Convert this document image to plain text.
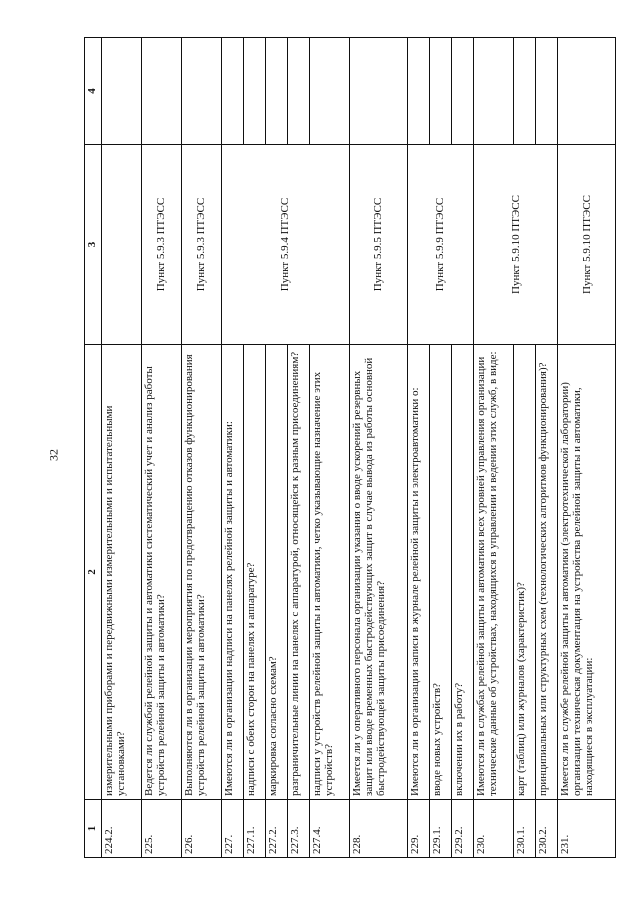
32
1	2	3	4
224.2.	измерительными приборами и передвижными измерительными и испытательными установками?		
225.	Ведется ли службой релейной защиты и автоматики систематический учет и анализ работы устройств релейной защиты и автоматики?	Пункт 5.9.3 ПТЭСС	
226.	Выполняются ли в организации мероприятия по предотвращению отказов функционирования устройств релейной защиты и автоматики?	Пункт 5.9.3 ПТЭСС	
227.	Имеются ли в организации надписи на панелях релейной защиты и автоматики:	Пункт 5.9.4 ПТЭСС	
227.1.	надписи с обеих сторон на панелях и аппаратуре?		
227.2.	маркировка согласно схемам?		
227.3.	разграничительные линии на панелях с аппаратурой, относящейся к разным присоединениям?		
227.4.	надписи у устройств релейной защиты и автоматики, четко указывающие назначение этих устройств?		
228.	Имеется ли у оперативного персонала организации указания о вводе ускорений резервных защит или вводе временных быстродействующих защит в случае вывода из работы основной быстродействующей защиты присоединения?	Пункт 5.9.5 ПТЭСС	
229.	Имеются ли в организации записи в журнале релейной защиты и электроавтоматики о:	Пункт 5.9.9 ПТЭСС	
229.1.	вводе новых устройств?		
229.2.	включении их в работу?		
230.	Имеются ли в службах релейной защиты и автоматики всех уровней управления организации технические данные об устройствах, находящихся в управлении и ведении этих служб, в виде:	Пункт 5.9.10 ПТЭСС	
230.1.	карт (таблиц) или журналов (характеристик)?		
230.2.	принципиальных или структурных схем (технологических алгоритмов функционирования)?		
231.	Имеется ли в службе релейной защиты и автоматики (электротехнической лаборатории) организации техническая документация на устройства релейной защиты и автоматики, находящиеся в эксплуатации:	Пункт 5.9.10 ПТЭСС	
